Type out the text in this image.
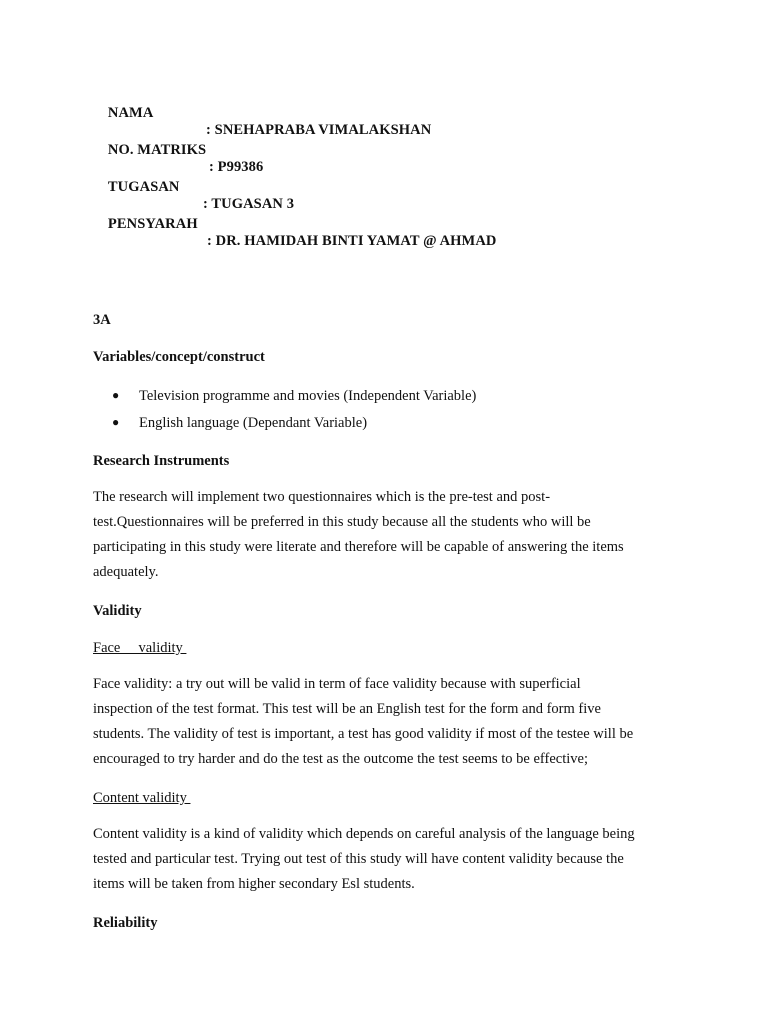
NAMA

: SNEHAPRABA VIMALAKSHAN

NO. MATRIKS

: P99386

TUGASAN

: TUGASAN 3

PENSYARAH

: DR. HAMIDAH BINTI YAMAT @ AHMAD

3A
Variables/concept/construct
● Television programme and movies (Independent Variable)
● English language (Dependant Variable)
Research Instruments
The research will implement two questionnaires which is the pre-test and post-
test.Questionnaires will be preferred in this study because all the students who will be
participating in this study were literate and therefore will be capable of answering the items
adequately.
Validity
Face     validity
Face validity: a try out will be valid in term of face validity because with superficial
inspection of the test format. This test will be an English test for the form and form five
students. The validity of test is important, a test has good validity if most of the testee will be
encouraged to try harder and do the test as the outcome the test seems to be effective;
Content validity
Content validity is a kind of validity which depends on careful analysis of the language being
tested and particular test. Trying out test of this study will have content validity because the
items will be taken from higher secondary Esl students.
Reliability
